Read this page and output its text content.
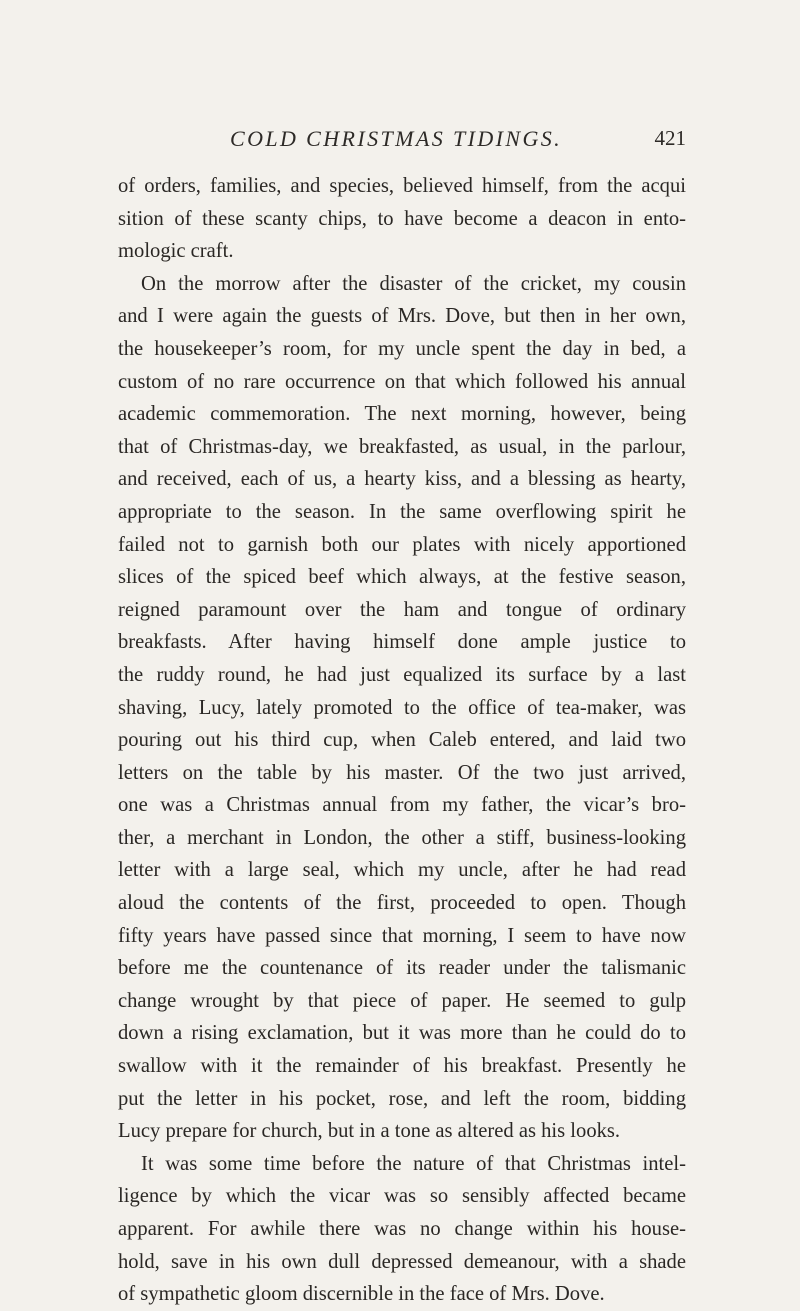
COLD CHRISTMAS TIDINGS.	421
of orders, families, and species, believed himself, from the acqui
sition of these scanty chips, to have become a deacon in ento-
mologic craft.
On the morrow after the disaster of the cricket, my cousin
and I were again the guests of Mrs. Dove, but then in her own,
the housekeeper’s room, for my uncle spent the day in bed, a
custom of no rare occurrence on that which followed his annual
academic commemoration. The next morning, however, being
that of Christmas-day, we breakfasted, as usual, in the parlour,
and received, each of us, a hearty kiss, and a blessing as hearty,
appropriate to the season. In the same overflowing spirit he
failed not to garnish both our plates with nicely apportioned
slices of the spiced beef which always, at the festive season,
reigned paramount over the ham and tongue of ordinary
breakfasts. After having himself done ample justice to
the ruddy round, he had just equalized its surface by a last
shaving, Lucy, lately promoted to the office of tea-maker, was
pouring out his third cup, when Caleb entered, and laid two
letters on the table by his master. Of the two just arrived,
one was a Christmas annual from my father, the vicar’s bro-
ther, a merchant in London, the other a stiff, business-looking
letter with a large seal, which my uncle, after he had read
aloud the contents of the first, proceeded to open. Though
fifty years have passed since that morning, I seem to have now
before me the countenance of its reader under the talismanic
change wrought by that piece of paper. He seemed to gulp
down a rising exclamation, but it was more than he could do to
swallow with it the remainder of his breakfast. Presently he
put the letter in his pocket, rose, and left the room, bidding
Lucy prepare for church, but in a tone as altered as his looks.
It was some time before the nature of that Christmas intel-
ligence by which the vicar was so sensibly affected became
apparent. For awhile there was no change within his house-
hold, save in his own dull depressed demeanour, with a shade
of sympathetic gloom discernible in the face of Mrs. Dove.
